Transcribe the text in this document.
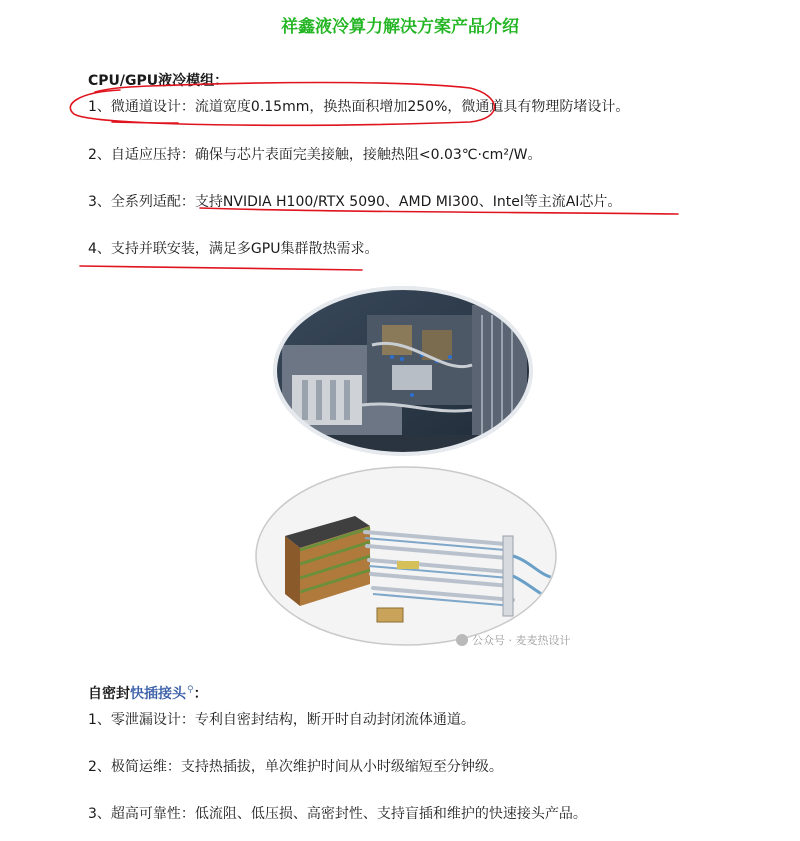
祥鑫液冷算力解决方案产品介绍
CPU/GPU液冷模组：
1、微通道设计：流道宽度0.15mm，换热面积增加250%，微通道具有物理防堵设计。
2、自适应压持：确保与芯片表面完美接触，接触热阻<0.03℃·cm²/W。
3、全系列适配：支持NVIDIA H100/RTX 5090、AMD MI300、Intel等主流AI芯片。
4、支持并联安装，满足多GPU集群散热需求。
公众号 · 麦麦热设计
自密封快插接头⚲：
1、零泄漏设计：专利自密封结构，断开时自动封闭流体通道。
2、极简运维：支持热插拔，单次维护时间从小时级缩短至分钟级。
3、超高可靠性：低流阻、低压损、高密封性、支持盲插和维护的快速接头产品。
